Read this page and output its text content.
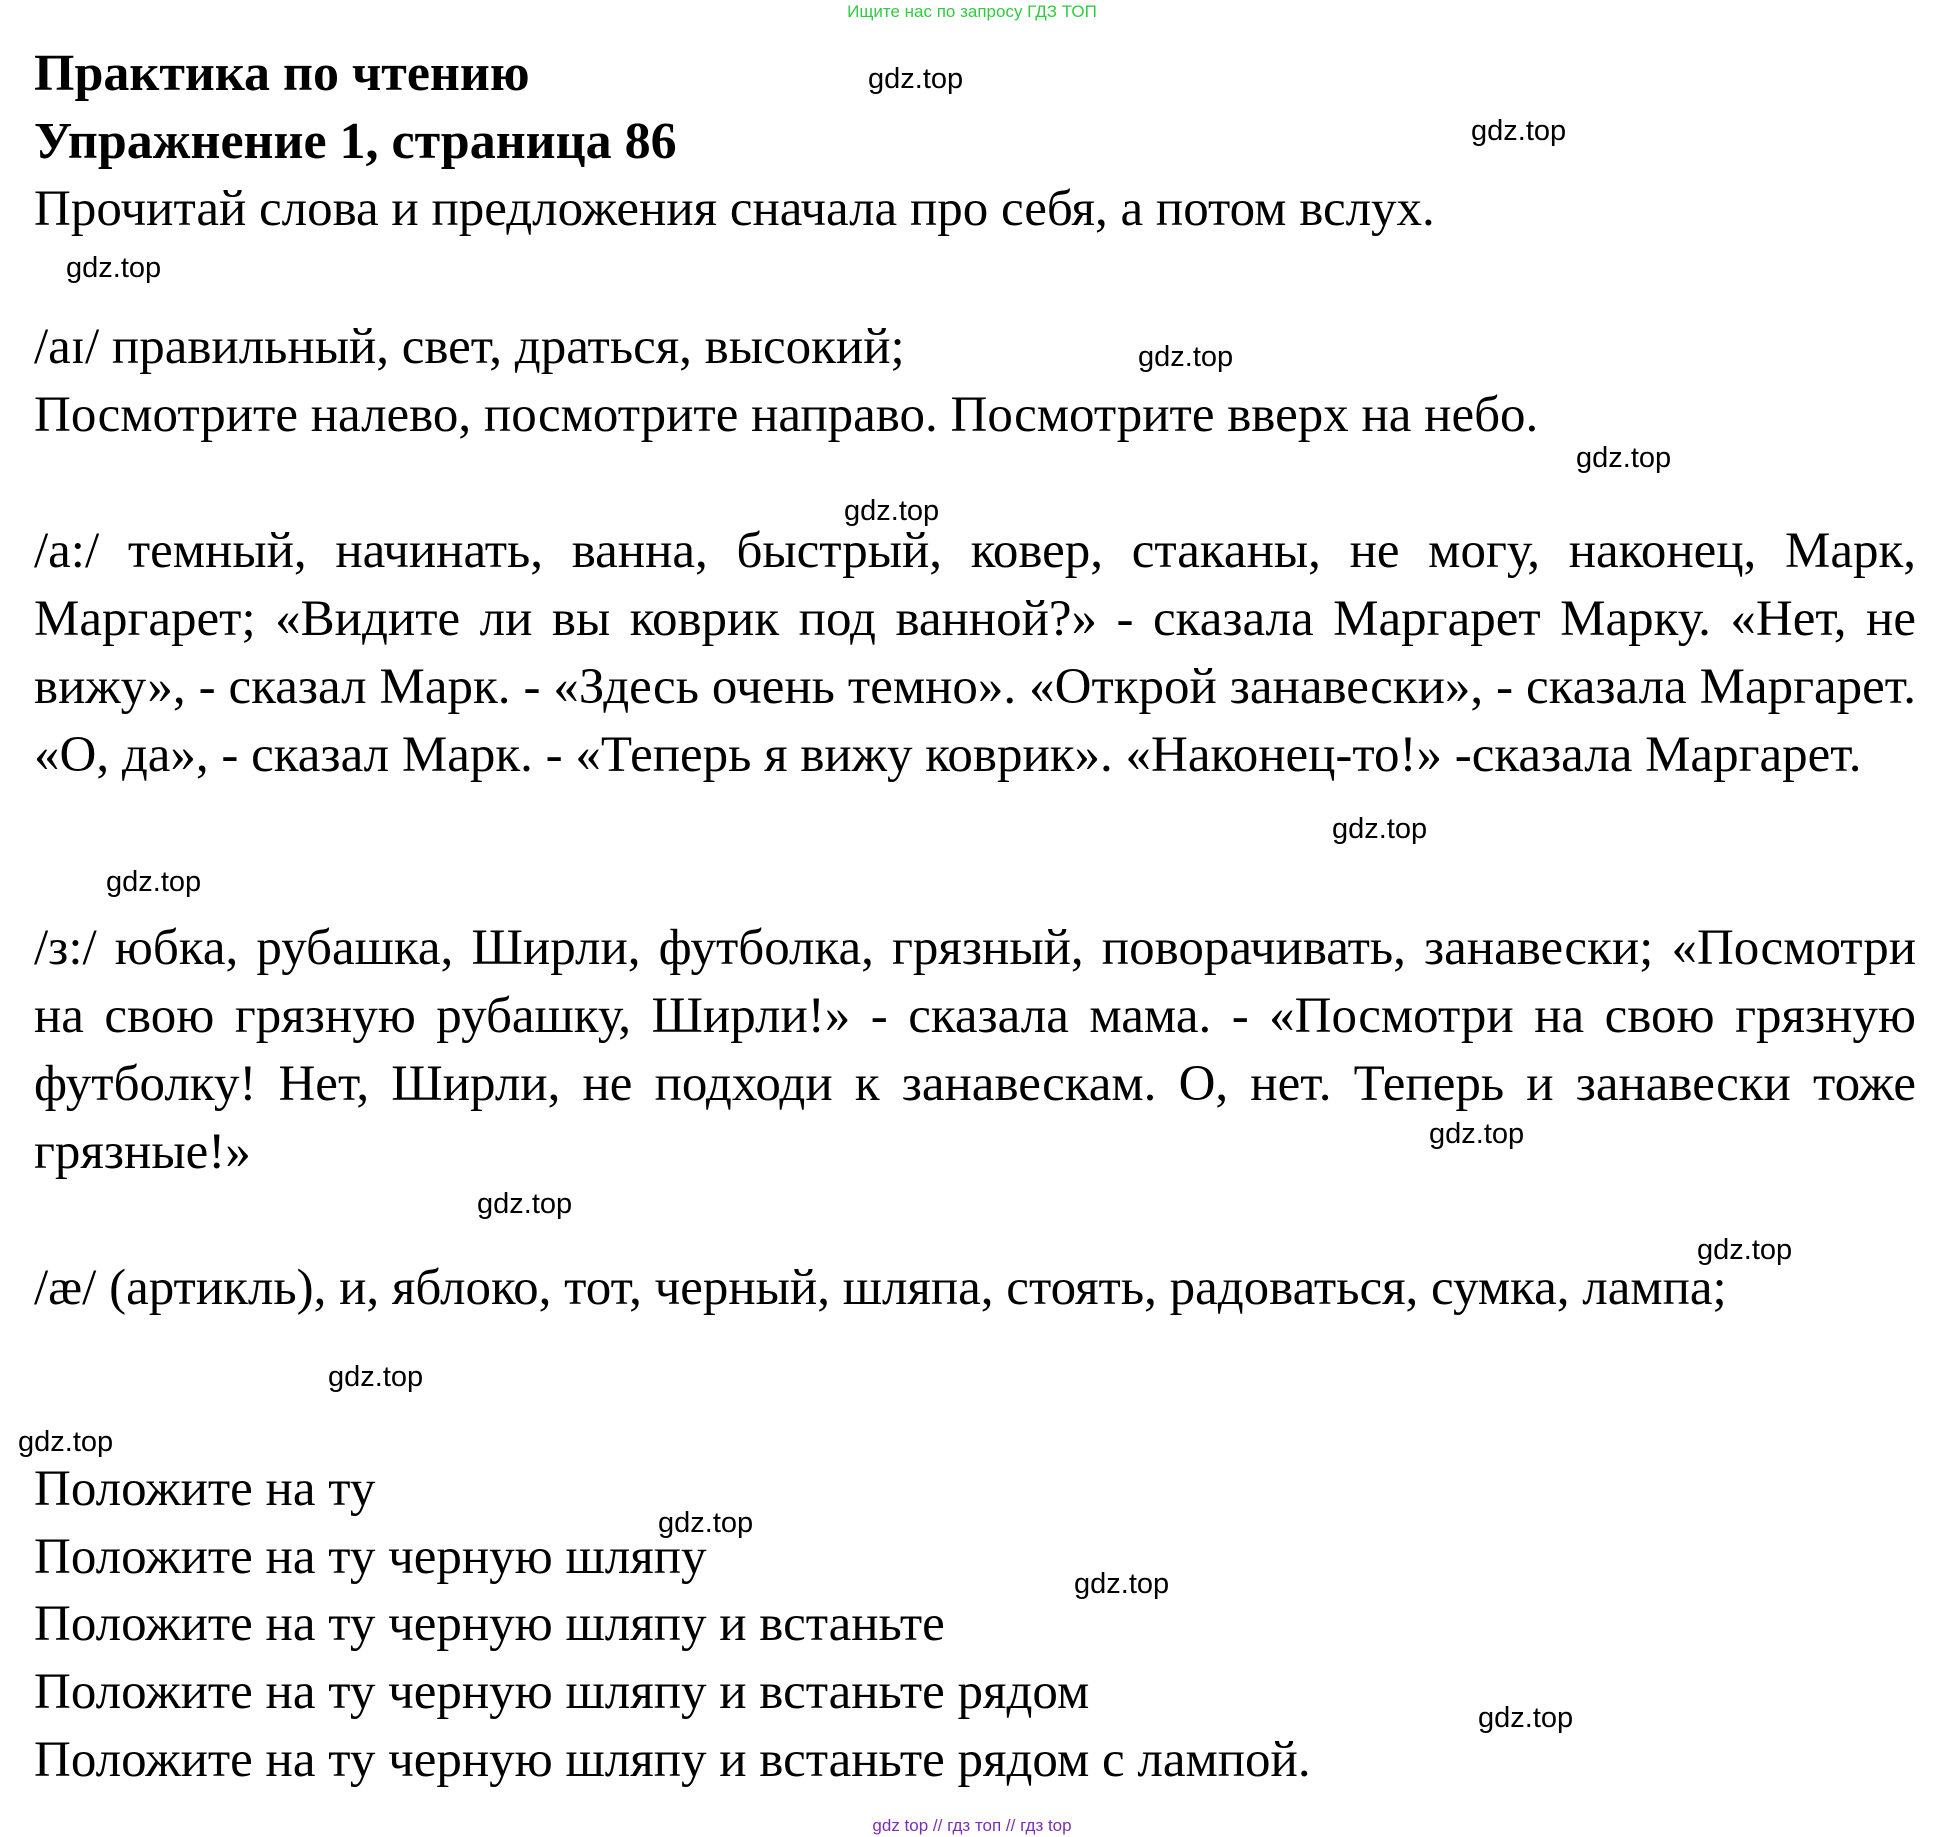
Ищите нас по запросу ГДЗ ТОП

Практика по чтению
Упражнение 1, страница 86

Прочитай слова и предложения сначала про себя, а потом вслух.

/aɪ/ правильный, свет, драться, высокий;

Посмотрите налево, посмотрите направо. Посмотрите вверх на небо.

/a:/ темный, начинать, ванна, быстрый, ковер, стаканы, не могу, наконец, Марк, Маргарет; «Видите ли вы коврик под ванной?» - сказала Маргарет Марку. «Нет, не вижу», - сказал Марк. - «Здесь очень темно». «Открой занавески», - сказала Маргарет. «О, да», - сказал Марк. - «Теперь я вижу коврик». «Наконец-то!» -сказала Маргарет.

/з:/ юбка, рубашка, Ширли, футболка, грязный, поворачивать, занавески; «Посмотри на свою грязную рубашку, Ширли!» - сказала мама. - «Посмотри на свою грязную футболку! Нет, Ширли, не подходи к занавескам. О, нет. Теперь и занавески тоже грязные!»

/æ/ (артикль), и, яблоко, тот, черный, шляпа, стоять, радоваться, сумка, лампа;

Положите на ту

Положите на ту черную шляпу

Положите на ту черную шляпу и встаньте

Положите на ту черную шляпу и встаньте рядом

Положите на ту черную шляпу и встаньте рядом с лампой.

gdz.top
gdz.top
gdz.top
gdz.top
gdz.top
gdz.top
gdz.top
gdz.top
gdz.top
gdz.top
gdz.top
gdz.top
gdz.top
gdz.top
gdz.top
gdz.top

gdz top // гдз топ // гдз top
